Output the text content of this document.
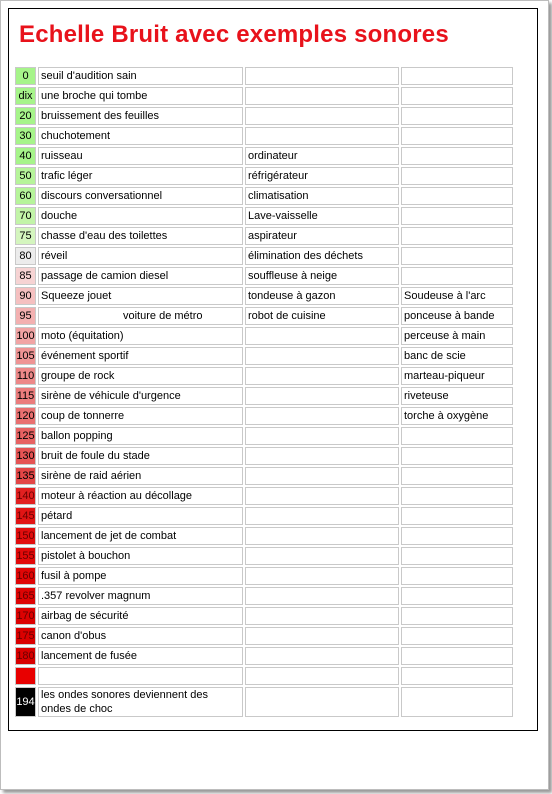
Echelle Bruit avec exemples sonores
0	seuil d'audition sain		
dix	une broche qui tombe		
20	bruissement des feuilles		
30	chuchotement		
40	ruisseau	ordinateur	
50	trafic léger	réfrigérateur	
60	discours conversationnel	climatisation	
70	douche	Lave-vaisselle	
75	chasse d'eau des toilettes	aspirateur	
80	réveil	élimination des déchets	
85	passage de camion diesel	souffleuse à neige	
90	Squeeze jouet	tondeuse à gazon	Soudeuse à l'arc
95	voiture de métro	robot de cuisine	ponceuse à bande
100	moto (équitation)		perceuse à main
105	événement sportif		banc de scie
110	groupe de rock		marteau-piqueur
115	sirène de véhicule d'urgence		riveteuse
120	coup de tonnerre		torche à oxygène
125	ballon popping		
130	bruit de foule du stade		
135	sirène de raid aérien		
140	moteur à réaction au décollage		
145	pétard		
150	lancement de jet de combat		
155	pistolet à bouchon		
160	fusil à pompe		
165	.357 revolver magnum		
170	airbag de sécurité		
175	canon d'obus		
180	lancement de fusée		

194	les ondes sonores deviennent des ondes de choc		
